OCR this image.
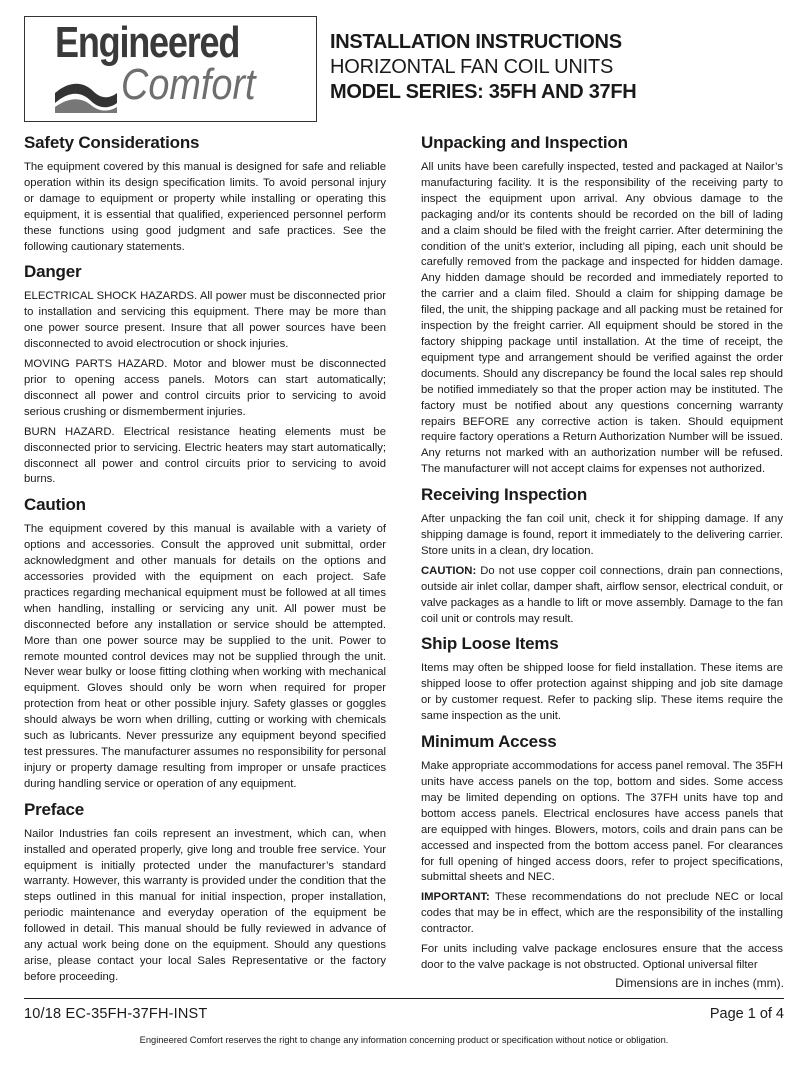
Engineered
Comfort
INSTALLATION INSTRUCTIONS
HORIZONTAL FAN COIL UNITS
MODEL SERIES: 35FH AND 37FH
Safety Considerations

The equipment covered by this manual is designed for safe and reliable operation within its design specification limits. To avoid personal injury or damage to equipment or property while installing or operating this equipment, it is essential that qualified, experienced personnel perform these functions using good judgment and safe practices. See the following cautionary statements.

Danger

ELECTRICAL SHOCK HAZARDS. All power must be disconnected prior to installation and servicing this equipment. There may be more than one power source present. Insure that all power sources have been disconnected to avoid electrocution or shock injuries.

MOVING PARTS HAZARD. Motor and blower must be disconnected prior to opening access panels. Motors can start automatically; disconnect all power and control circuits prior to servicing to avoid serious crushing or dismemberment injuries.

BURN HAZARD. Electrical resistance heating elements must be disconnected prior to servicing. Electric heaters may start automatically; disconnect all power and control circuits prior to servicing to avoid burns.

Caution

The equipment covered by this manual is available with a variety of options and accessories. Consult the approved unit submittal, order acknowledgment and other manuals for details on the options and accessories provided with the equipment on each project. Safe practices regarding mechanical equipment must be followed at all times when handling, installing or servicing any unit. All power must be disconnected before any installation or service should be attempted. More than one power source may be supplied to the unit. Power to remote mounted control devices may not be supplied through the unit. Never wear bulky or loose fitting clothing when working with mechanical equipment. Gloves should only be worn when required for proper protection from heat or other possible injury. Safety glasses or goggles should always be worn when drilling, cutting or working with chemicals such as lubricants. Never pressurize any equipment beyond specified test pressures. The manufacturer assumes no responsibility for personal injury or property damage resulting from improper or unsafe practices during handling service or operation of any equipment.

Preface

Nailor Industries fan coils represent an investment, which can, when installed and operated properly, give long and trouble free service. Your equipment is initially protected under the manufacturer’s standard warranty. However, this warranty is provided under the condition that the steps outlined in this manual for initial inspection, proper installation, periodic maintenance and everyday operation of the equipment be followed in detail. This manual should be fully reviewed in advance of any actual work being done on the equipment. Should any questions arise, please contact your local Sales Representative or the factory before proceeding.

Unpacking and Inspection

All units have been carefully inspected, tested and packaged at Nailor’s manufacturing facility. It is the responsibility of the receiving party to inspect the equipment upon arrival. Any obvious damage to the packaging and/or its contents should be recorded on the bill of lading and a claim should be filed with the freight carrier. After determining the condition of the unit’s exterior, including all piping, each unit should be carefully removed from the package and inspected for hidden damage. Any hidden damage should be recorded and immediately reported to the carrier and a claim filed. Should a claim for shipping damage be filed, the unit, the shipping package and all packing must be retained for inspection by the freight carrier. All equipment should be stored in the factory shipping package until installation. At the time of receipt, the equipment type and arrangement should be verified against the order documents. Should any discrepancy be found the local sales rep should be notified immediately so that the proper action may be instituted. The factory must be notified about any questions concerning warranty repairs BEFORE any corrective action is taken. Should equipment require factory operations a Return Authorization Number will be issued. Any returns not marked with an authorization number will be refused. The manufacturer will not accept claims for expenses not authorized.

Receiving Inspection

After unpacking the fan coil unit, check it for shipping damage. If any shipping damage is found, report it immediately to the delivering carrier. Store units in a clean, dry location.

CAUTION: Do not use copper coil connections, drain pan connections, outside air inlet collar, damper shaft, airflow sensor, electrical conduit, or valve packages as a handle to lift or move assembly. Damage to the fan coil unit or controls may result.

Ship Loose Items

Items may often be shipped loose for field installation. These items are shipped loose to offer protection against shipping and job site damage or by customer request. Refer to packing slip. These items require the same inspection as the unit.

Minimum Access

Make appropriate accommodations for access panel removal. The 35FH units have access panels on the top, bottom and sides. Some access may be limited depending on options. The 37FH units have top and bottom access panels. Electrical enclosures have access panels that are equipped with hinges. Blowers, motors, coils and drain pans can be accessed and inspected from the bottom access panel. For clearances for full opening of hinged access doors, refer to project specifications, submittal sheets and NEC.

IMPORTANT: These recommendations do not preclude NEC or local codes that may be in effect, which are the responsibility of the installing contractor.

For units including valve package enclosures ensure that the access door to the valve package is not obstructed. Optional universal filter

Dimensions are in inches (mm).
10/18 EC-35FH-37FH-INST	Page 1 of 4
Engineered Comfort reserves the right to change any information concerning product or specification without notice or obligation.
